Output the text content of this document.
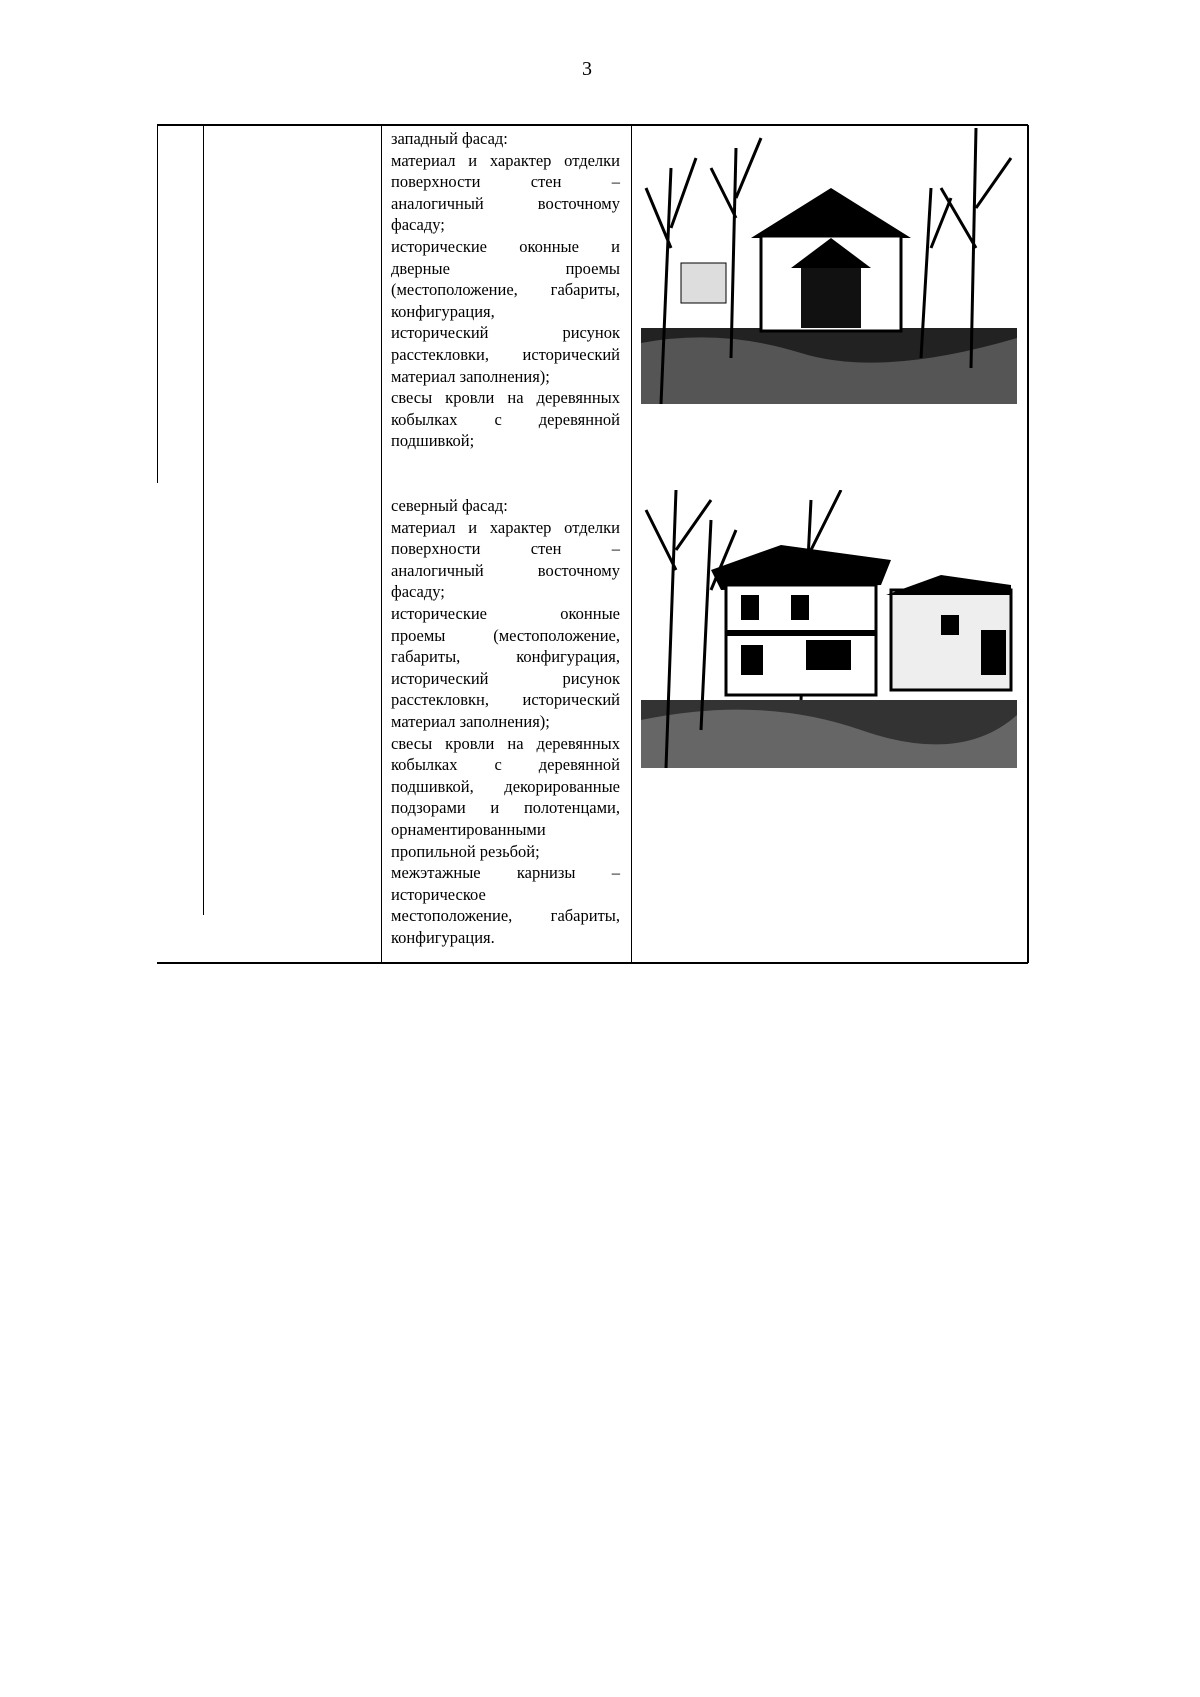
3
западный фасад:
материал и характер отделки
поверхности стен –
аналогичный восточному
фасаду;
исторические оконные и
дверные проемы
(местоположение, габариты,
конфигурация,
исторический рисунок
расстекловки, исторический
материал заполнения);
свесы кровли на деревянных
кобылках с деревянной
подшивкой;
северный фасад:
материал и характер отделки
поверхности стен –
аналогичный восточному
фасаду;
исторические оконные
проемы (местоположение,
габариты, конфигурация,
исторический рисунок
расстекловкн, исторический
материал заполнения);
свесы кровли на деревянных
кобылках с деревянной
подшивкой, декорированные
подзорами и полотенцами,
орнаментированными
пропильной резьбой;
межэтажные карнизы –
историческое
местоположение, габариты,
конфигурация.
